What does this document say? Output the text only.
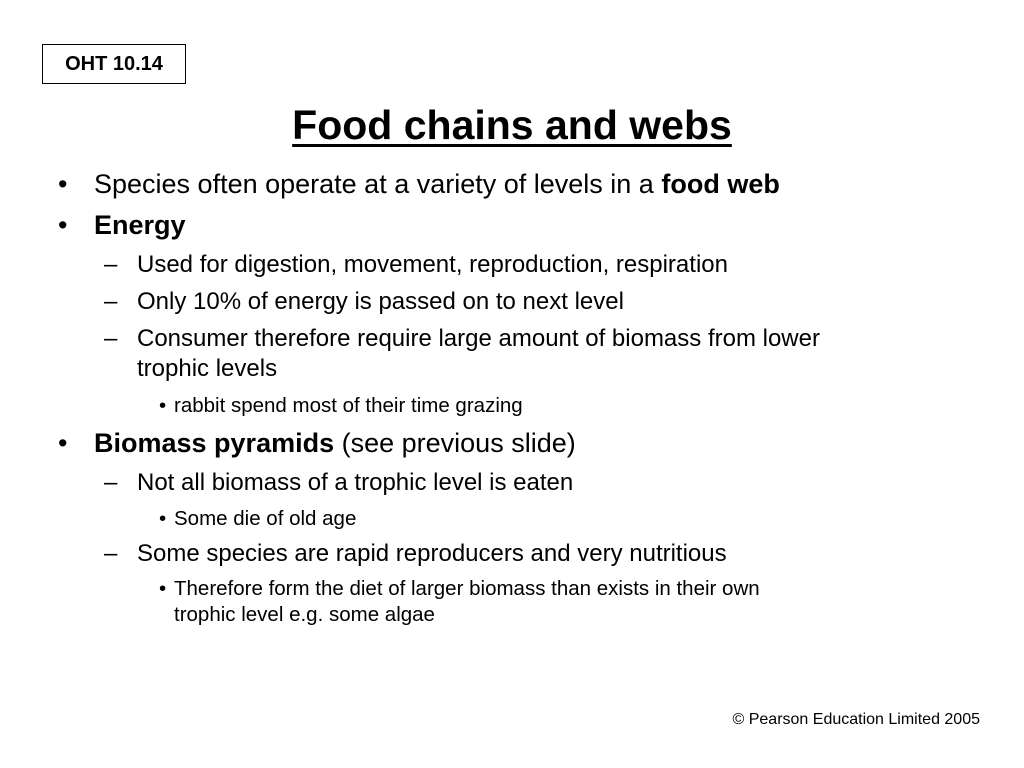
OHT 10.14
Food chains and webs
• Species often operate at a variety of levels in a food web
• Energy
– Used for digestion, movement, reproduction, respiration
– Only 10% of energy is passed on to next level
– Consumer therefore require large amount of biomass from lower
trophic levels
• rabbit spend most of their time grazing
• Biomass pyramids (see previous slide)
– Not all biomass of a trophic level is eaten
• Some die of old age
– Some species are rapid reproducers and very nutritious
• Therefore form the diet of larger biomass than exists in their own
trophic level e.g. some algae
© Pearson Education Limited 2005
